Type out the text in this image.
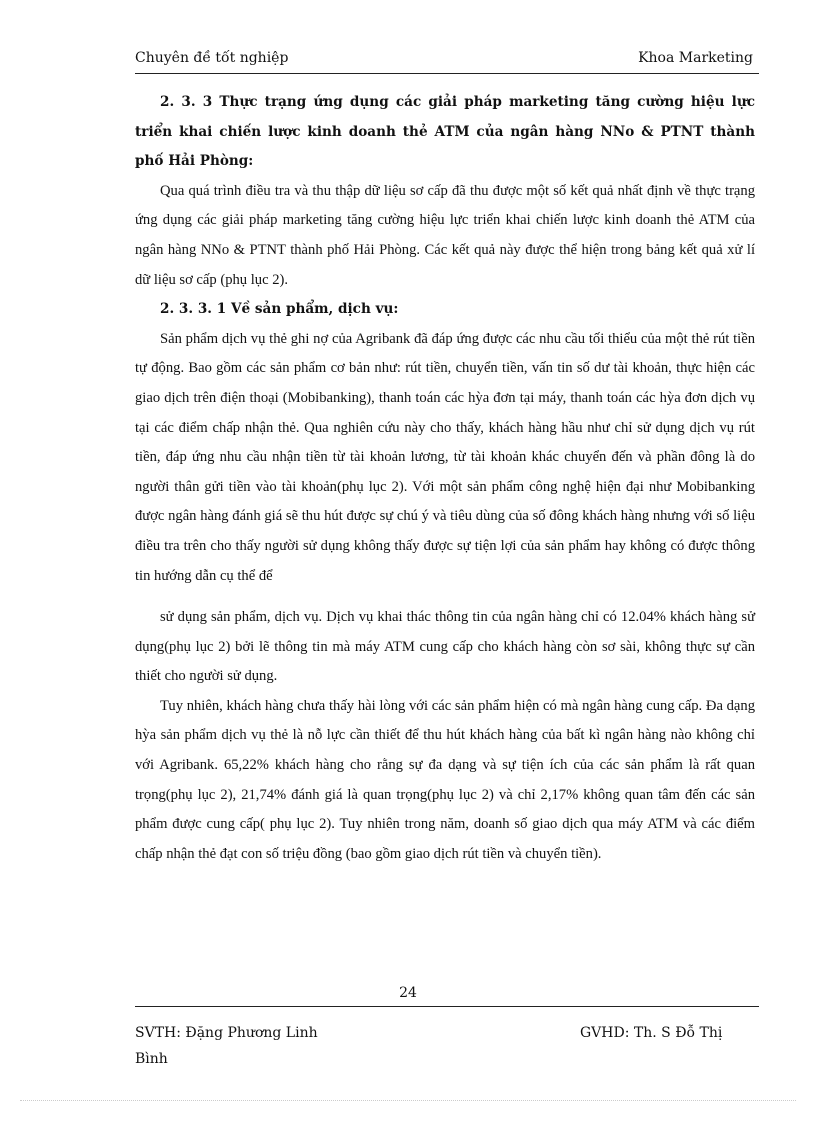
Chuyên đề tốt nghiệp	Khoa Marketing

2. 3. 3 Thực trạng ứng dụng các giải pháp marketing tăng cường hiệu lực triển khai chiến lược kinh doanh thẻ ATM của ngân hàng NNo & PTNT thành phố Hải Phòng:

Qua quá trình điều tra và thu thập dữ liệu sơ cấp đã thu được một số kết quả nhất định về thực trạng ứng dụng các giải pháp marketing tăng cường hiệu lực triển khai chiến lược kinh doanh thẻ ATM của ngân hàng NNo & PTNT thành phố Hải Phòng. Các kết quả này được thể hiện trong bảng kết quả xử lí dữ liệu sơ cấp (phụ lục 2).

2. 3. 3. 1 Về sản phẩm, dịch vụ:

Sản phẩm dịch vụ thẻ ghi nợ của Agribank đã đáp ứng được các nhu cầu tối thiểu của một thẻ rút tiền tự động. Bao gồm các sản phẩm cơ bản như: rút tiền, chuyển tiền, vấn tin số dư tài khoản, thực hiện các giao dịch trên điện thoại (Mobibanking), thanh toán các hỳa đơn tại máy, thanh toán các hỳa đơn dịch vụ tại các điểm chấp nhận thẻ. Qua nghiên cứu này cho thấy, khách hàng hầu như chỉ sử dụng dịch vụ rút tiền, đáp ứng nhu cầu nhận tiền từ tài khoản lương, từ tài khoản khác chuyển đến và phần đông là do người thân gửi tiền vào tài khoản(phụ lục 2). Với một sản phẩm công nghệ hiện đại như Mobibanking được ngân hàng đánh giá sẽ thu hút được sự chú ý và tiêu dùng của số đông khách hàng nhưng với số liệu điều tra trên cho thấy người sử dụng không thấy được sự tiện lợi của sản phẩm hay không có được thông tin hướng dẫn cụ thể để

sử dụng sản phẩm, dịch vụ. Dịch vụ khai thác thông tin của ngân hàng chỉ có 12.04% khách hàng sử dụng(phụ lục 2) bởi lẽ thông tin mà máy ATM cung cấp cho khách hàng còn sơ sài, không thực sự cần thiết cho người sử dụng.

Tuy nhiên, khách hàng chưa thấy hài lòng với các sản phẩm hiện có mà ngân hàng cung cấp. Đa dạng hỳa sản phẩm dịch vụ thẻ là nỗ lực cần thiết để thu hút khách hàng của bất kì ngân hàng nào không chỉ với Agribank. 65,22% khách hàng cho rằng sự đa dạng và sự tiện ích của các sản phẩm là rất quan trọng(phụ lục 2), 21,74% đánh giá là quan trọng(phụ lục 2) và chỉ 2,17% không quan tâm đến các sản phẩm được cung cấp( phụ lục 2). Tuy nhiên trong năm, doanh số giao dịch qua máy ATM và các điểm chấp nhận thẻ đạt con số triệu đồng (bao gồm giao dịch rút tiền và chuyển tiền).

24
SVTH: Đặng Phương Linh	GVHD: Th. S Đỗ Thị
Bình
